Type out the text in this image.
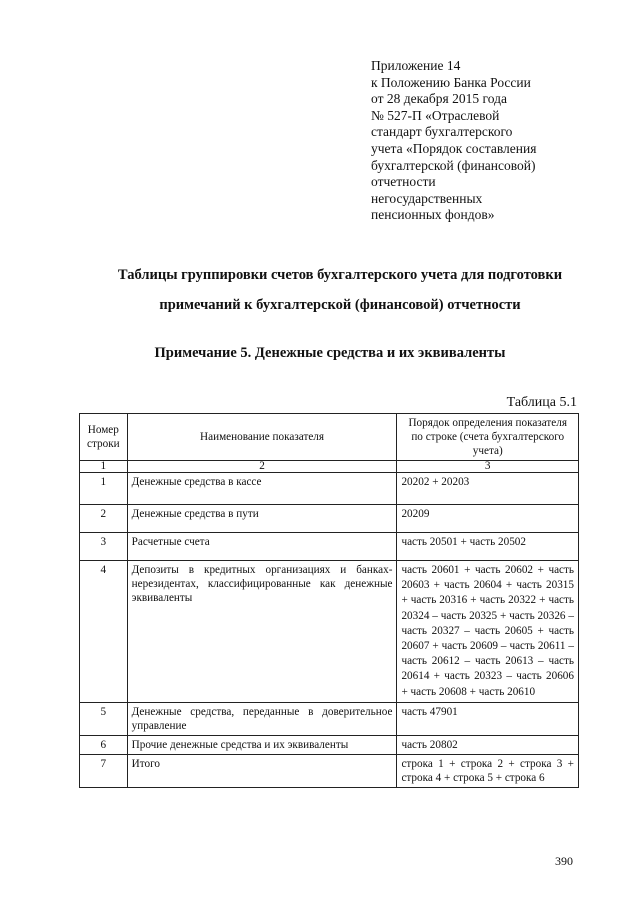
Приложение 14
к Положению Банка России
от 28 декабря 2015 года
№ 527-П «Отраслевой
стандарт бухгалтерского
учета «Порядок составления
бухгалтерской (финансовой)
отчетности
негосударственных
пенсионных фондов»
Таблицы группировки счетов бухгалтерского учета для подготовки
примечаний к бухгалтерской (финансовой) отчетности
Примечание 5. Денежные средства и их эквиваленты
Таблица 5.1
Номер строки	Наименование показателя	Порядок определения показателя по строке (счета бухгалтерского учета)
1	2	3
1	Денежные средства в кассе	20202 + 20203
2	Денежные средства в пути	20209
3	Расчетные счета	часть 20501 + часть 20502
4	Депозиты в кредитных организациях и банках-нерезидентах, классифицированные как денежные эквиваленты	часть 20601 + часть 20602 + часть 20603 + часть 20604 + часть 20315 + часть 20316 + часть 20322 + часть 20324 – часть 20325 + часть 20326 – часть 20327 – часть 20605 + часть 20607 + часть 20609 – часть 20611 – часть 20612 – часть 20613 – часть 20614 + часть 20323 – часть 20606 + часть 20608 + часть 20610
5	Денежные средства, переданные в доверительное управление	часть 47901
6	Прочие денежные средства и их эквиваленты	часть 20802
7	Итого	строка 1 + строка 2 + строка 3 + строка 4 + строка 5 + строка 6
390
